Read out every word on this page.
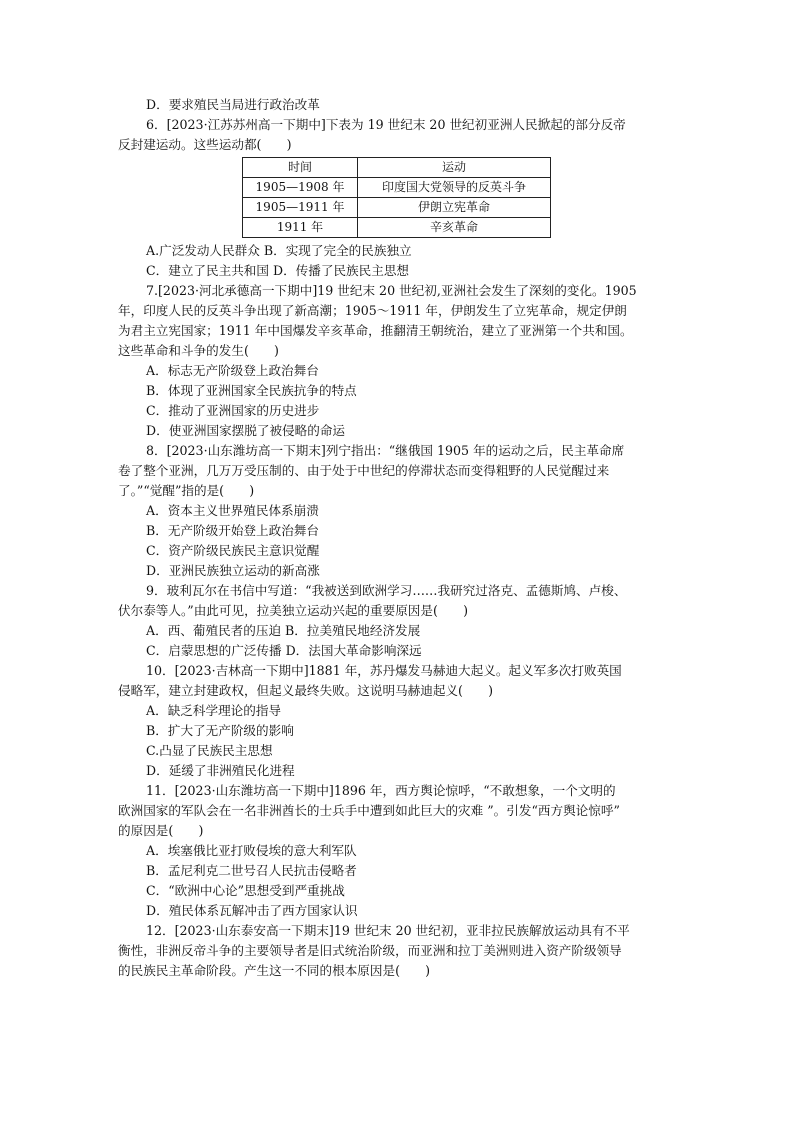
D．要求殖民当局进行政治改革
6．[2023·江苏苏州高一下期中]下表为 19 世纪末 20 世纪初亚洲人民掀起的部分反帝
反封建运动。这些运动都(　　)
时间	运动
1905—1908 年	印度国大党领导的反英斗争
1905—1911 年	伊朗立宪革命
1911 年	辛亥革命
A.广泛发动人民群众 B．实现了完全的民族独立
C．建立了民主共和国 D．传播了民族民主思想
7.[2023·河北承德高一下期中]19 世纪末 20 世纪初,亚洲社会发生了深刻的变化。1905
年，印度人民的反英斗争出现了新高潮；1905～1911 年，伊朗发生了立宪革命，规定伊朗
为君主立宪国家；1911 年中国爆发辛亥革命，推翻清王朝统治，建立了亚洲第一个共和国。
这些革命和斗争的发生(　　)
A．标志无产阶级登上政治舞台
B．体现了亚洲国家全民族抗争的特点
C．推动了亚洲国家的历史进步
D．使亚洲国家摆脱了被侵略的命运
8．[2023·山东潍坊高一下期末]列宁指出：“继俄国 1905 年的运动之后，民主革命席
卷了整个亚洲，几万万受压制的、由于处于中世纪的停滞状态而变得粗野的人民觉醒过来
了。”“觉醒”指的是(　　)
A．资本主义世界殖民体系崩溃
B．无产阶级开始登上政治舞台
C．资产阶级民族民主意识觉醒
D．亚洲民族独立运动的新高涨
9．玻利瓦尔在书信中写道：“我被送到欧洲学习……我研究过洛克、孟德斯鸠、卢梭、
伏尔泰等人。”由此可见，拉美独立运动兴起的重要原因是(　　)
A．西、葡殖民者的压迫 B．拉美殖民地经济发展
C．启蒙思想的广泛传播 D．法国大革命影响深远
10．[2023·吉林高一下期中]1881 年，苏丹爆发马赫迪大起义。起义军多次打败英国
侵略军，建立封建政权，但起义最终失败。这说明马赫迪起义(　　)
A．缺乏科学理论的指导
B．扩大了无产阶级的影响
C.凸显了民族民主思想
D．延缓了非洲殖民化进程
11．[2023·山东潍坊高一下期中]1896 年，西方舆论惊呼，“不敢想象，一个文明的
欧洲国家的军队会在一名非洲酋长的士兵手中遭到如此巨大的灾难 ”。引发“西方舆论惊呼”
的原因是(　　)
A．埃塞俄比亚打败侵埃的意大利军队
B．孟尼利克二世号召人民抗击侵略者
C．“欧洲中心论”思想受到严重挑战
D．殖民体系瓦解冲击了西方国家认识
12．[2023·山东泰安高一下期末]19 世纪末 20 世纪初，亚非拉民族解放运动具有不平
衡性，非洲反帝斗争的主要领导者是旧式统治阶级，而亚洲和拉丁美洲则进入资产阶级领导
的民族民主革命阶段。产生这一不同的根本原因是(　　)
